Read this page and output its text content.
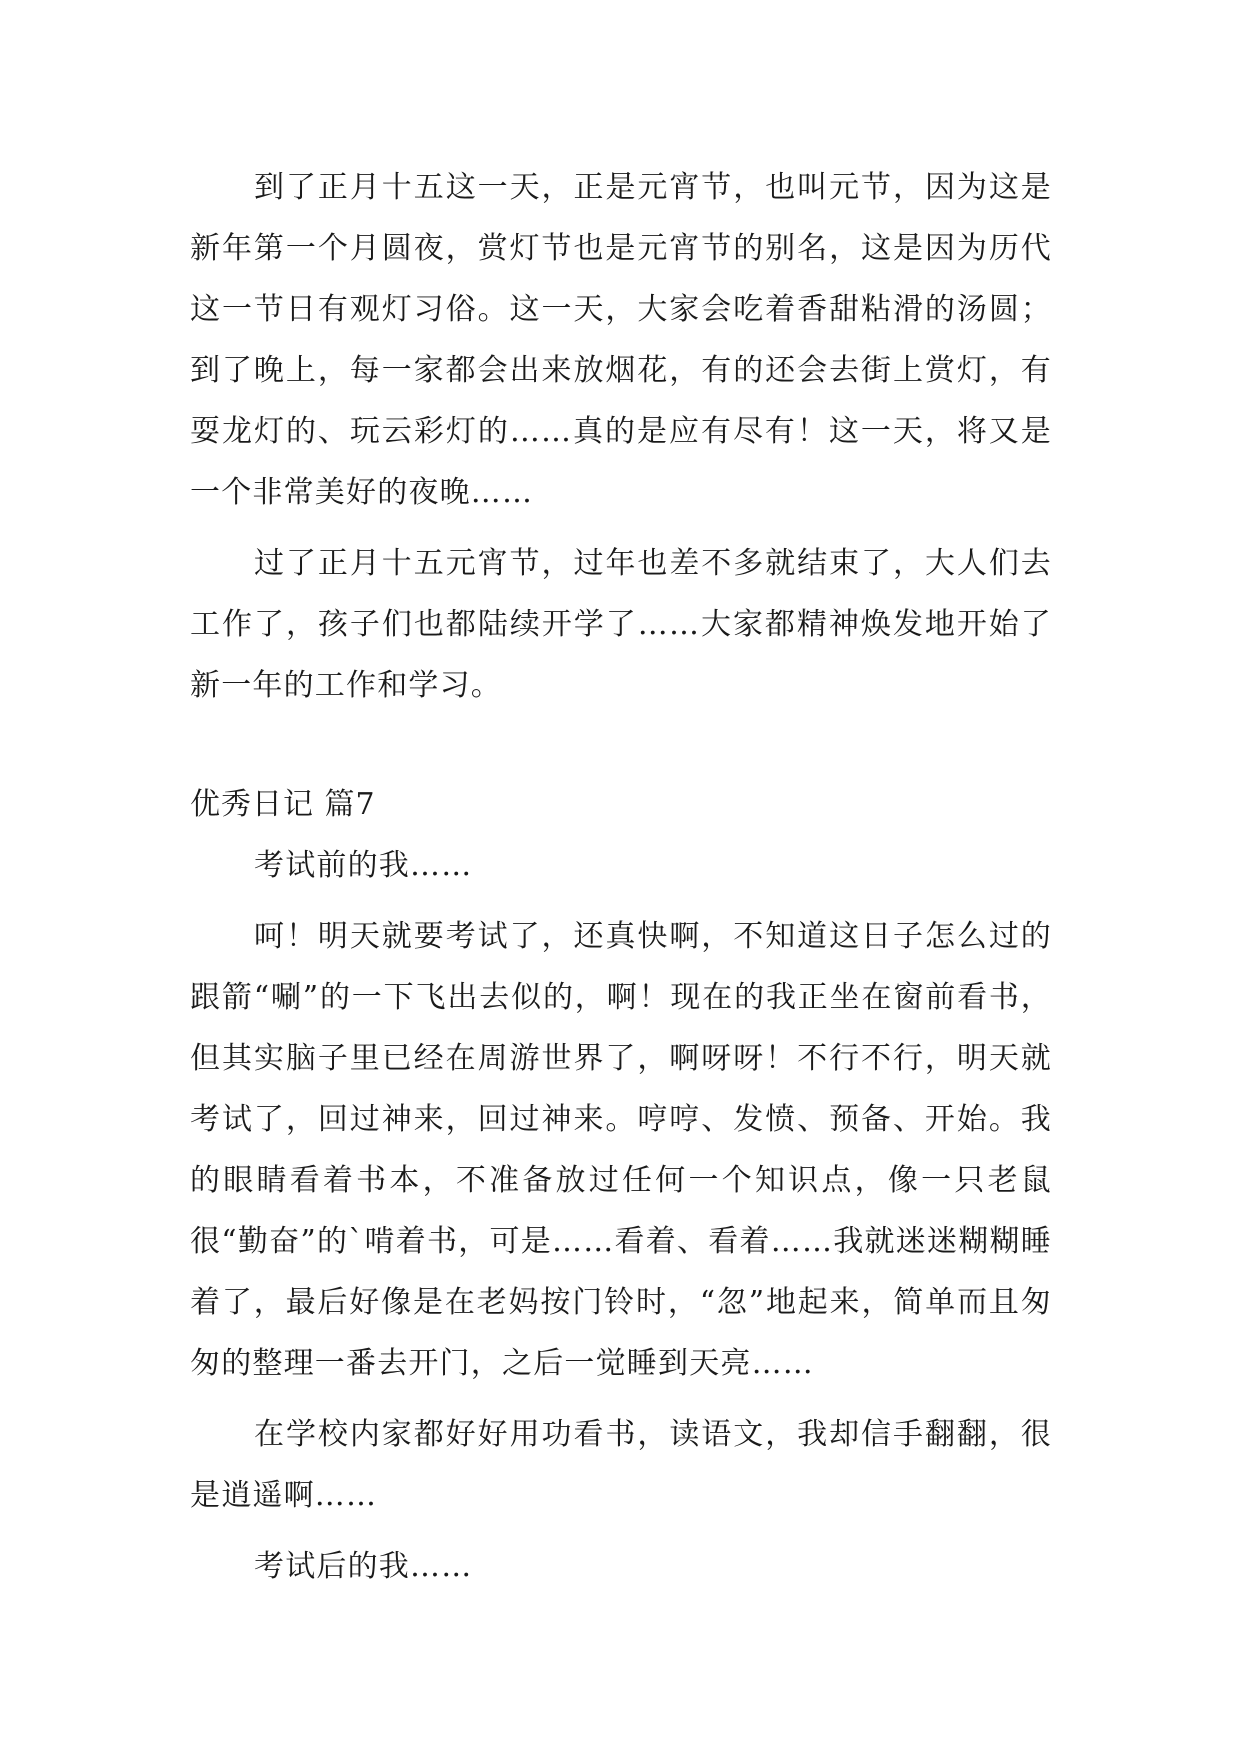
到了正月十五这一天，正是元宵节，也叫元节，因为这是新年第一个月圆夜，赏灯节也是元宵节的别名，这是因为历代这一节日有观灯习俗。这一天，大家会吃着香甜粘滑的汤圆；到了晚上，每一家都会出来放烟花，有的还会去街上赏灯，有耍龙灯的、玩云彩灯的……真的是应有尽有！这一天，将又是一个非常美好的夜晚……

过了正月十五元宵节，过年也差不多就结束了，大人们去工作了，孩子们也都陆续开学了……大家都精神焕发地开始了新一年的工作和学习。

优秀日记 篇7

考试前的我……

呵！明天就要考试了，还真快啊，不知道这日子怎么过的跟箭“唰”的一下飞出去似的，啊！现在的我正坐在窗前看书，但其实脑子里已经在周游世界了，啊呀呀！不行不行，明天就考试了，回过神来，回过神来。哼哼、发愤、预备、开始。我的眼睛看着书本，不准备放过任何一个知识点，像一只老鼠很“勤奋”的`啃着书，可是……看着、看着……我就迷迷糊糊睡着了，最后好像是在老妈按门铃时，“忽”地起来，简单而且匆匆的整理一番去开门，之后一觉睡到天亮……

在学校内家都好好用功看书，读语文，我却信手翻翻，很是逍遥啊……

考试后的我……
